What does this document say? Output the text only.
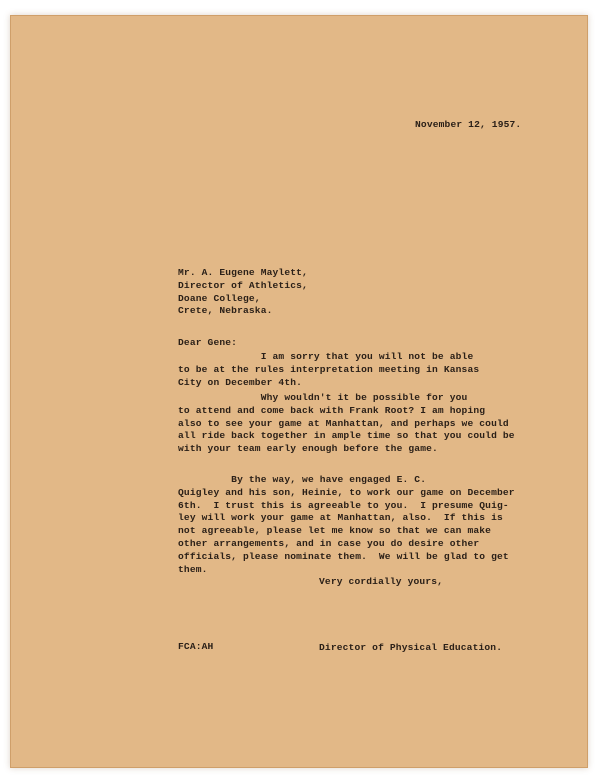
November 12, 1957.
Mr. A. Eugene Maylett,
Director of Athletics,
Doane College,
Crete, Nebraska.
Dear Gene:
I am sorry that you will not be able
to be at the rules interpretation meeting in Kansas
City on December 4th.
Why wouldn't it be possible for you
to attend and come back with Frank Root? I am hoping
also to see your game at Manhattan, and perhaps we could
all ride back together in ample time so that you could be
with your team early enough before the game.
By the way, we have engaged E. C.
Quigley and his son, Heinie, to work our game on December
6th.  I trust this is agreeable to you.  I presume Quig-
ley will work your game at Manhattan, also.  If this is
not agreeable, please let me know so that we can make
other arrangements, and in case you do desire other
officials, please nominate them.  We will be glad to get
them.
Very cordially yours,
FCA:AH	Director of Physical Education.
